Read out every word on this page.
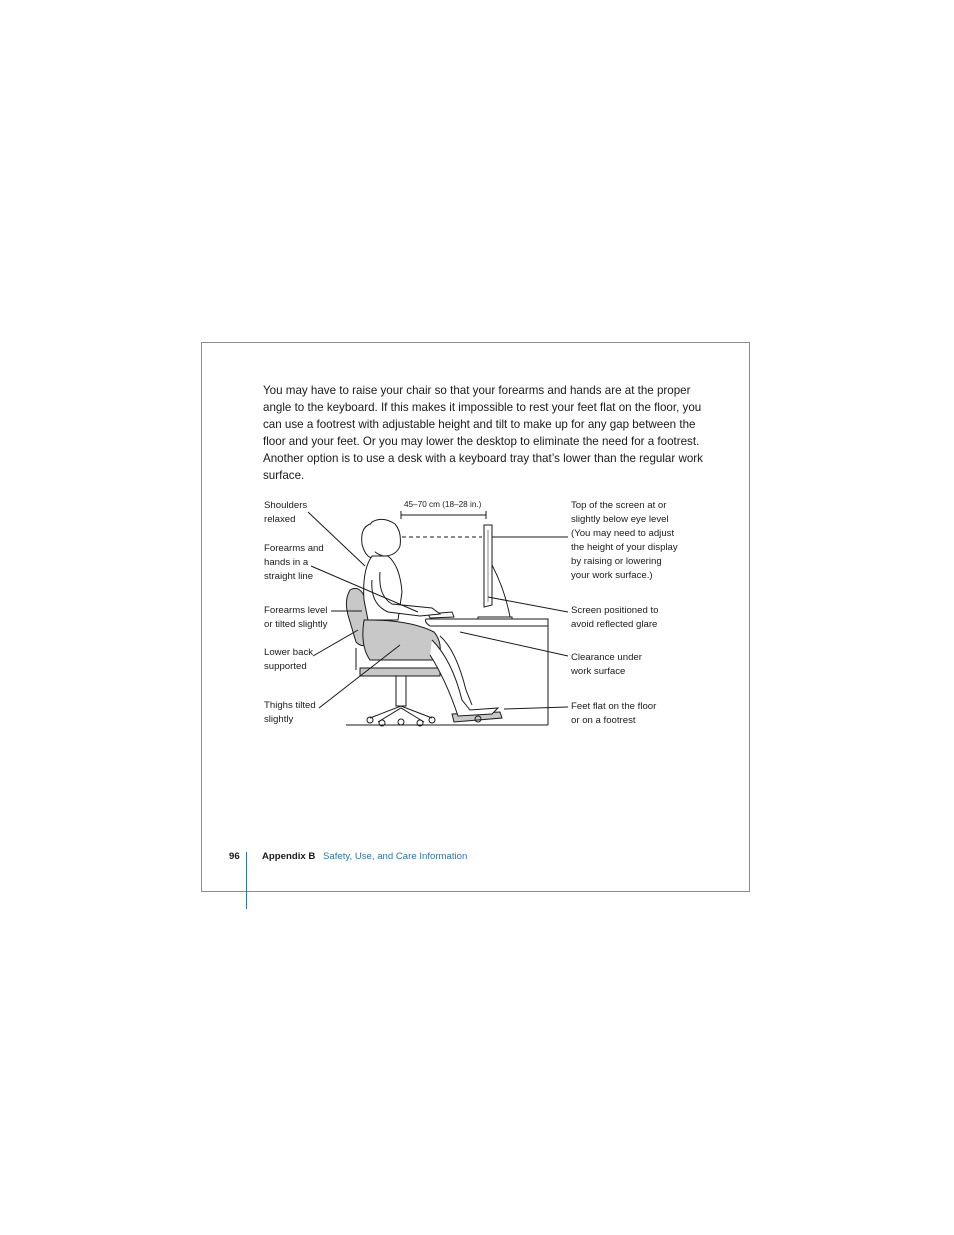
You may have to raise your chair so that your forearms and hands are at the proper angle to the keyboard. If this makes it impossible to rest your feet flat on the floor, you can use a footrest with adjustable height and tilt to make up for any gap between the floor and your feet. Or you may lower the desktop to eliminate the need for a footrest. Another option is to use a desk with a keyboard tray that’s lower than the regular work surface.

45–70 cm (18–28 in.)

Shoulders
relaxed

Forearms and
hands in a
straight line

Forearms level
or tilted slightly

Lower back
supported

Thighs tilted
slightly

Top of the screen at or
slightly below eye level
(You may need to adjust
the height of your display
by raising or lowering
your work surface.)

Screen positioned to
avoid reflected glare

Clearance under
work surface

Feet flat on the floor
or on a footrest

96 Appendix B Safety, Use, and Care Information
